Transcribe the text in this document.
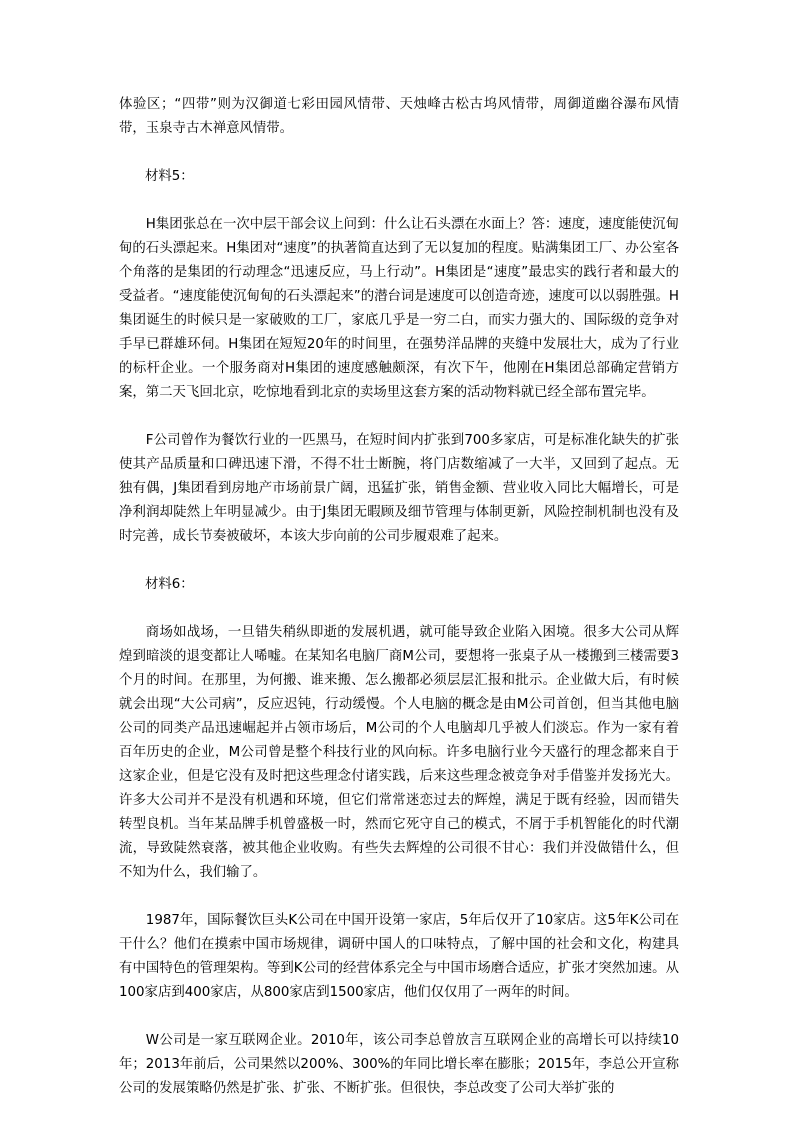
体验区；“四带”则为汉御道七彩田园风情带、天烛峰古松古坞风情带，周御道幽谷瀑布风情带，玉泉寺古木禅意风情带。

材料5：

H集团张总在一次中层干部会议上问到：什么让石头漂在水面上？答：速度，速度能使沉甸甸的石头漂起来。H集团对“速度”的执著简直达到了无以复加的程度。贴满集团工厂、办公室各个角落的是集团的行动理念“迅速反应，马上行动”。H集团是“速度”最忠实的践行者和最大的受益者。“速度能使沉甸甸的石头漂起来”的潜台词是速度可以创造奇迹，速度可以以弱胜强。H集团诞生的时候只是一家破败的工厂，家底几乎是一穷二白，而实力强大的、国际级的竞争对手早已群雄环伺。H集团在短短20年的时间里，在强势洋品牌的夹缝中发展壮大，成为了行业的标杆企业。一个服务商对H集团的速度感触颇深，有次下午，他刚在H集团总部确定营销方案，第二天飞回北京，吃惊地看到北京的卖场里这套方案的活动物料就已经全部布置完毕。

F公司曾作为餐饮行业的一匹黑马，在短时间内扩张到700多家店，可是标准化缺失的扩张使其产品质量和口碑迅速下滑，不得不壮士断腕，将门店数缩减了一大半，又回到了起点。无独有偶，J集团看到房地产市场前景广阔，迅猛扩张，销售金额、营业收入同比大幅增长，可是净利润却陡然上年明显减少。由于J集团无暇顾及细节管理与体制更新，风险控制机制也没有及时完善，成长节奏被破坏，本该大步向前的公司步履艰难了起来。

材料6：

商场如战场，一旦错失稍纵即逝的发展机遇，就可能导致企业陷入困境。很多大公司从辉煌到暗淡的退变都让人唏嘘。在某知名电脑厂商M公司，要想将一张桌子从一楼搬到三楼需要3个月的时间。在那里，为何搬、谁来搬、怎么搬都必须层层汇报和批示。企业做大后，有时候就会出现“大公司病”，反应迟钝，行动缓慢。个人电脑的概念是由M公司首创，但当其他电脑公司的同类产品迅速崛起并占领市场后，M公司的个人电脑却几乎被人们淡忘。作为一家有着百年历史的企业，M公司曾是整个科技行业的风向标。许多电脑行业今天盛行的理念都来自于这家企业，但是它没有及时把这些理念付诸实践，后来这些理念被竞争对手借鉴并发扬光大。许多大公司并不是没有机遇和环境，但它们常常迷恋过去的辉煌，满足于既有经验，因而错失转型良机。当年某品牌手机曾盛极一时，然而它死守自己的模式，不屑于手机智能化的时代潮流，导致陡然衰落，被其他企业收购。有些失去辉煌的公司很不甘心：我们并没做错什么，但不知为什么，我们输了。

1987年，国际餐饮巨头K公司在中国开设第一家店，5年后仅开了10家店。这5年K公司在干什么？他们在摸索中国市场规律，调研中国人的口味特点，了解中国的社会和文化，构建具有中国特色的管理架构。等到K公司的经营体系完全与中国市场磨合适应，扩张才突然加速。从100家店到400家店，从800家店到1500家店，他们仅仅用了一两年的时间。

W公司是一家互联网企业。2010年，该公司李总曾放言互联网企业的高增长可以持续10年；2013年前后，公司果然以200%、300%的年同比增长率在膨胀；2015年，李总公开宣称公司的发展策略仍然是扩张、扩张、不断扩张。但很快，李总改变了公司大举扩张的
